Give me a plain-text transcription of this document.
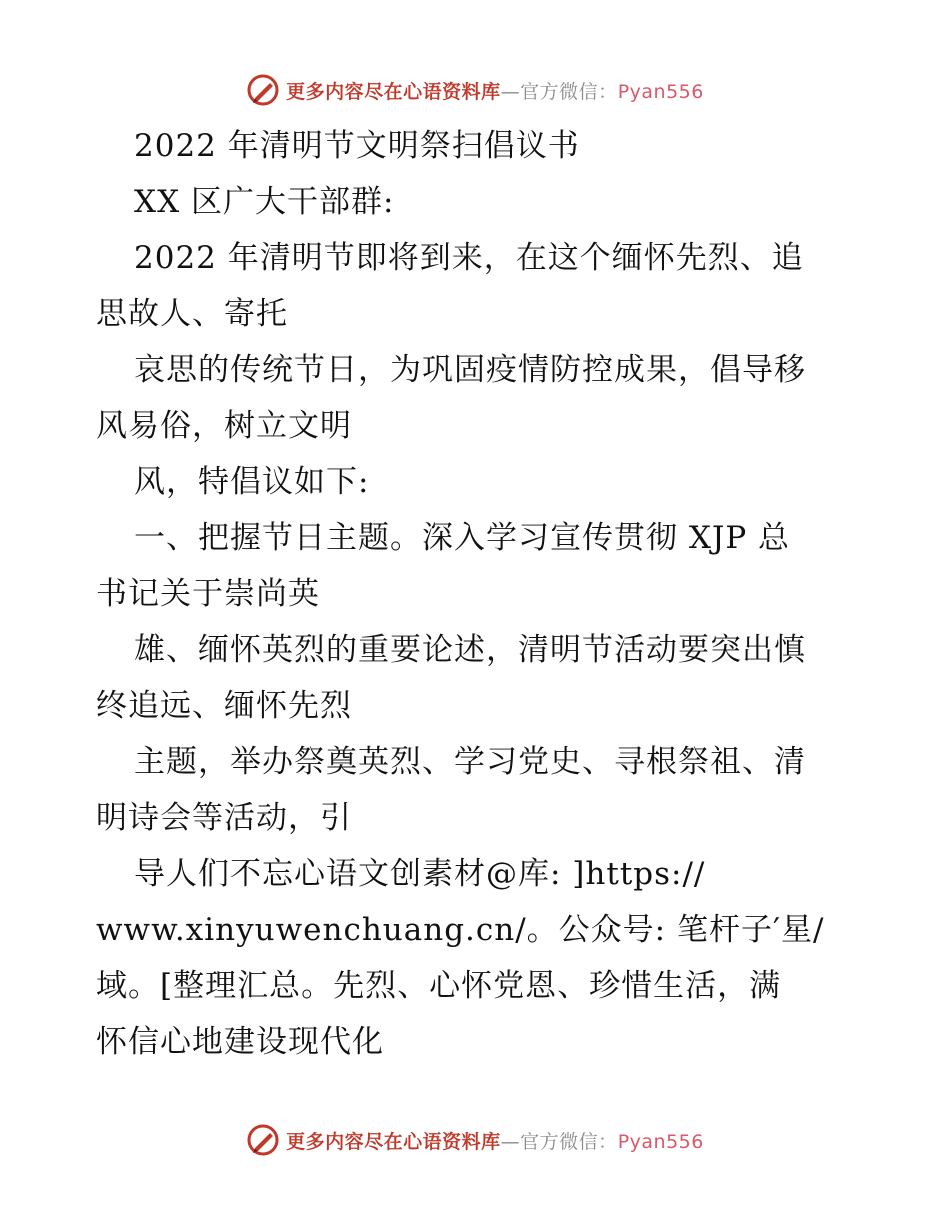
更多内容尽在心语资料库—官方微信：Pyan556
2022 年清明节文明祭扫倡议书
XX 区广大干部群:
2022 年清明节即将到来，在这个缅怀先烈、追
思故人、寄托
哀思的传统节日，为巩固疫情防控成果，倡导移
风易俗，树立文明
风，特倡议如下:
一、把握节日主题。深入学习宣传贯彻 XJP 总
书记关于崇尚英
雄、缅怀英烈的重要论述，清明节活动要突出慎
终追远、缅怀先烈
主题，举办祭奠英烈、学习党史、寻根祭祖、清
明诗会等活动，引
导人们不忘心语文创素材@库: ]https://
www.xinyuwenchuang.cn/。公众号: 笔杆子′星/
域。[整理汇总。先烈、心怀党恩、珍惜生活，满
怀信心地建设现代化
更多内容尽在心语资料库—官方微信：Pyan556
